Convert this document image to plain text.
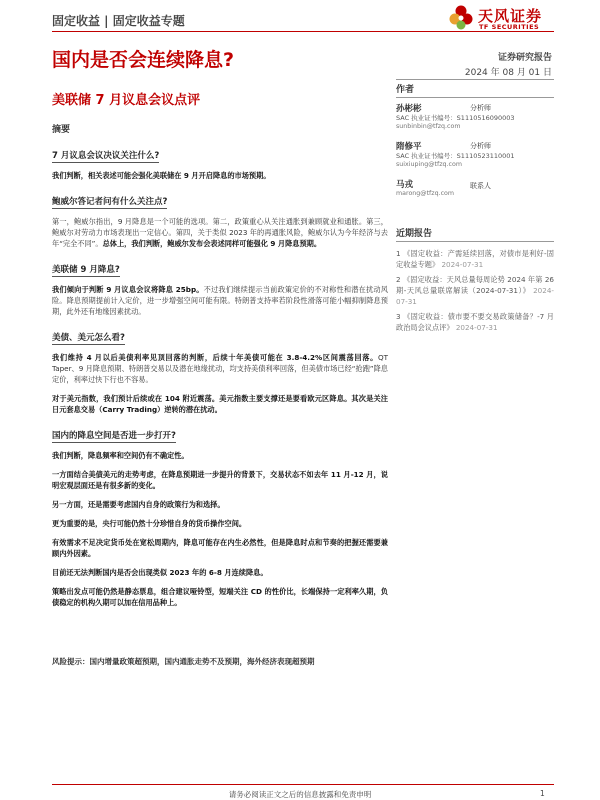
固定收益 | 固定收益专题	天风证券
TF SECURITIES
国内是否会连续降息?
美联储 7 月议息会议点评
证券研究报告
2024 年 08 月 01 日
摘要
7 月议息会议决议关注什么?

我们判断，相关表述可能会强化美联储在 9 月开启降息的市场预期。

鲍威尔答记者问有什么关注点?

第一，鲍威尔指出，9 月降息是一个可能的选项。第二，政策重心从关注通胀到兼顾就业和通胀。第三，鲍威尔对劳动力市场表现出一定信心。第四，关于类似 2023 年的再通胀风险，鲍威尔认为今年经济与去年“完全不同”。总体上，我们判断，鲍威尔发布会表述同样可能强化 9 月降息预期。

美联储 9 月降息?

我们倾向于判断 9 月议息会议将降息 25bp。不过我们继续提示当前政策定价的不对称性和潜在扰动风险。降息预期提前计入定价，进一步增强空间可能有限。特朗普支持率若阶段性滑落可能小幅抑制降息预期，此外还有地缘因素扰动。

美债、美元怎么看?

我们维持 4 月以后美债利率见顶回落的判断，后续十年美债可能在 3.8-4.2%区间震荡回落。QT Taper、9 月降息预期、特朗普交易以及潜在地缘扰动，均支持美债利率回落，但美债市场已经“抢跑”降息定价，利率过快下行也不容易。

对于美元指数，我们预计后续或在 104 附近震荡。美元指数主要支撑还是要看欧元区降息。其次是关注日元套息交易（Carry Trading）逆转的潜在扰动。

国内的降息空间是否进一步打开?

我们判断，降息频率和空间仍有不确定性。

一方面结合美债美元的走势考虑，在降息预期进一步提升的背景下，交易状态不如去年 11 月-12 月，说明宏观层面还是有很多新的变化。

另一方面，还是需要考虑国内自身的政策行为和选择。

更为重要的是，央行可能仍然十分珍惜自身的货币操作空间。

有效需求不足决定货币处在宽松周期内，降息可能存在内生必然性，但是降息时点和节奏的把握还需要兼顾内外因素。

目前还无法判断国内是否会出现类似 2023 年的 6-8 月连续降息。

策略出发点可能仍然是静态票息，组合建议哑铃型，短端关注 CD 的性价比，长端保持一定利率久期，负债稳定的机构久期可以加在信用品种上。

风险提示：国内增量政策超预期，国内通胀走势不及预期，海外经济表现超预期
作者
孙彬彬	分析师
SAC 执业证书编号：S1110516090003
sunbinbin@tfzq.com
隋修平	分析师
SAC 执业证书编号：S1110523110001
suixiuping@tfzq.com
马戎	联系人
marong@tfzq.com
近期报告
1 《固定收益：产需延续回落，对债市是利好-固定收益专题》 2024-07-31
2 《固定收益：天风总量每周论势 2024 年第 26 期-天风总量联席解读（2024-07-31）》 2024-07-31
3 《固定收益：债市要不要交易政策储备？-7 月政治局会议点评》 2024-07-31
请务必阅读正文之后的信息披露和免责申明	1
